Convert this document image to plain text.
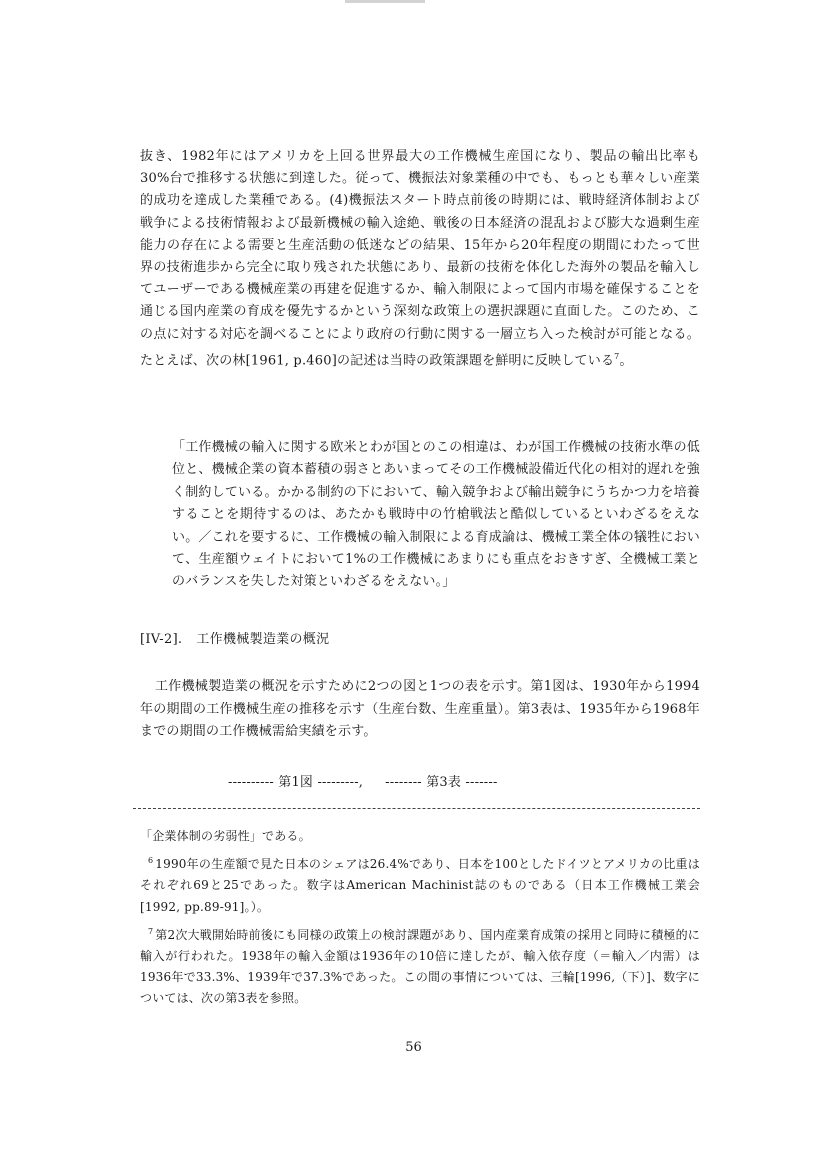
抜き、1982年にはアメリカを上回る世界最大の工作機械生産国になり、製品の輸出比率も30%台で推移する状態に到達した。従って、機振法対象業種の中でも、もっとも華々しい産業的成功を達成した業種である。(4)機振法スタート時点前後の時期には、戦時経済体制および戦争による技術情報および最新機械の輸入途絶、戦後の日本経済の混乱および膨大な過剰生産能力の存在による需要と生産活動の低迷などの結果、15年から20年程度の期間にわたって世界の技術進歩から完全に取り残された状態にあり、最新の技術を体化した海外の製品を輸入してユーザーである機械産業の再建を促進するか、輸入制限によって国内市場を確保することを通じる国内産業の育成を優先するかという深刻な政策上の選択課題に直面した。このため、この点に対する対応を調べることにより政府の行動に関する一層立ち入った検討が可能となる。たとえば、次の林[1961, p.460]の記述は当時の政策課題を鮮明に反映している$^7$。

「工作機械の輸入に関する欧米とわが国とのこの相違は、わが国工作機械の技術水準の低位と、機械企業の資本蓄積の弱さとあいまってその工作機械設備近代化の相対的遅れを強く制約している。かかる制約の下において、輸入競争および輸出競争にうちかつ力を培養することを期待するのは、あたかも戦時中の竹槍戦法と酷似しているといわざるをえない。／これを要するに、工作機械の輸入制限による育成論は、機械工業全体の犠牲において、生産額ウェイトにおいて1%の工作機械にあまりにも重点をおきすぎ、全機械工業とのバランスを失した対策といわざるをえない。」

[IV-2]. 工作機械製造業の概況

工作機械製造業の概況を示すために2つの図と1つの表を示す。第1図は、1930年から1994年の期間の工作機械生産の推移を示す（生産台数、生産重量）。第3表は、1935年から1968年までの期間の工作機械需給実績を示す。

---------- 第1図 ---------, -------- 第3表 -------

「企業体制の劣弱性」である。

$^6$ 1990年の生産額で見た日本のシェアは26.4%であり、日本を100としたドイツとアメリカの比重はそれぞれ69と25であった。数字はAmerican Machinist誌のものである（日本工作機械工業会[1992, pp.89-91]。）。

$^7$ 第2次大戦開始時前後にも同様の政策上の検討課題があり、国内産業育成策の採用と同時に積極的に輸入が行われた。1938年の輸入金額は1936年の10倍に達したが、輸入依存度（＝輸入／内需）は1936年で33.3%、1939年で37.3%であった。この間の事情については、三輪[1996,（下）]、数字については、次の第3表を参照。

56
